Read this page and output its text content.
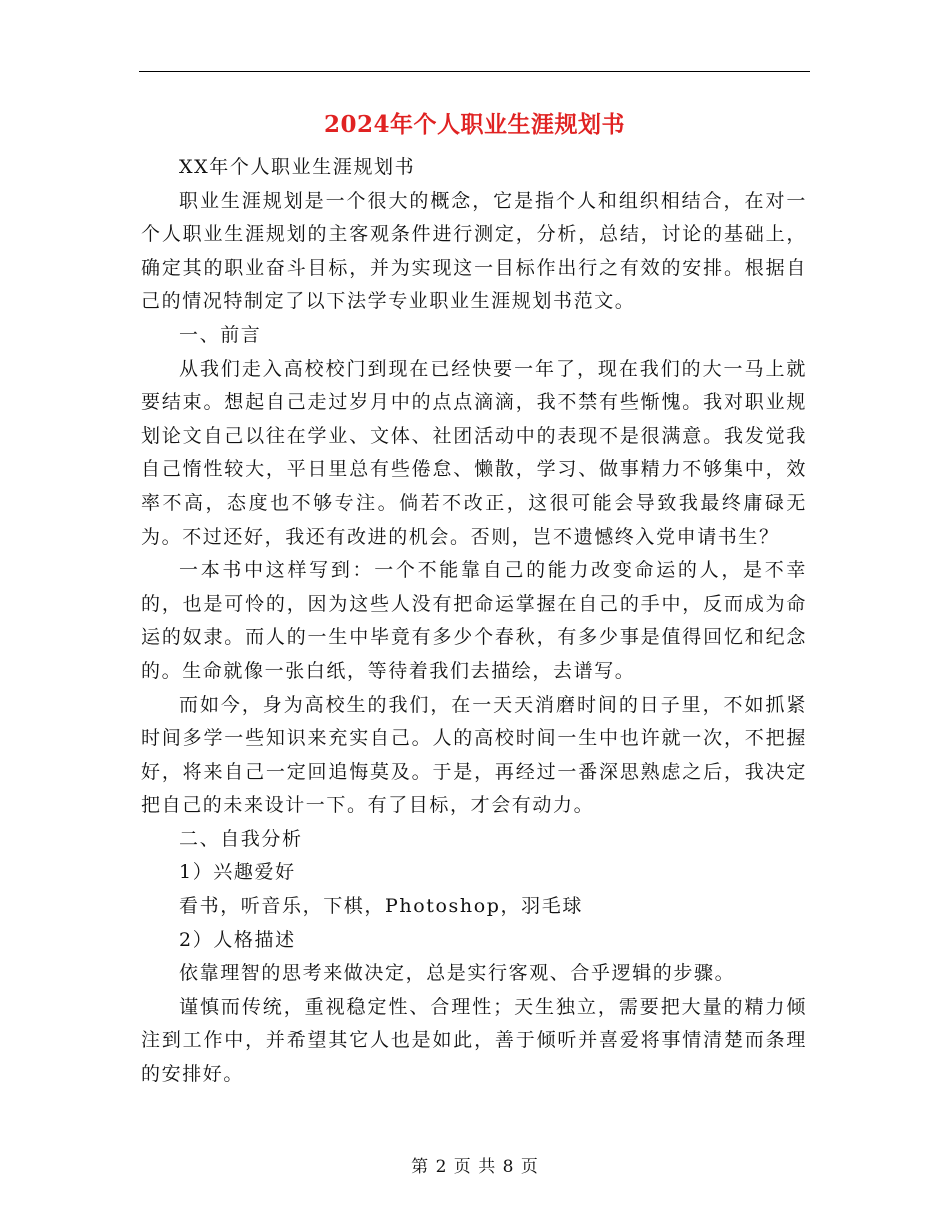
2024年个人职业生涯规划书

XX年个人职业生涯规划书

职业生涯规划是一个很大的概念，它是指个人和组织相结合，在对一个人职业生涯规划的主客观条件进行测定，分析，总结，讨论的基础上，确定其的职业奋斗目标，并为实现这一目标作出行之有效的安排。根据自己的情况特制定了以下法学专业职业生涯规划书范文。

一、前言

从我们走入高校校门到现在已经快要一年了，现在我们的大一马上就要结束。想起自己走过岁月中的点点滴滴，我不禁有些惭愧。我对职业规划论文自己以往在学业、文体、社团活动中的表现不是很满意。我发觉我自己惰性较大，平日里总有些倦怠、懒散，学习、做事精力不够集中，效率不高，态度也不够专注。倘若不改正，这很可能会导致我最终庸碌无为。不过还好，我还有改进的机会。否则，岂不遗憾终入党申请书生？

一本书中这样写到：一个不能靠自己的能力改变命运的人，是不幸的，也是可怜的，因为这些人没有把命运掌握在自己的手中，反而成为命运的奴隶。而人的一生中毕竟有多少个春秋，有多少事是值得回忆和纪念的。生命就像一张白纸，等待着我们去描绘，去谱写。

而如今，身为高校生的我们，在一天天消磨时间的日子里，不如抓紧时间多学一些知识来充实自己。人的高校时间一生中也许就一次，不把握好，将来自己一定回追悔莫及。于是，再经过一番深思熟虑之后，我决定把自己的未来设计一下。有了目标，才会有动力。

二、自我分析

1）兴趣爱好

看书，听音乐，下棋，Photoshop，羽毛球

2）人格描述

依靠理智的思考来做决定，总是实行客观、合乎逻辑的步骤。

谨慎而传统，重视稳定性、合理性；天生独立，需要把大量的精力倾注到工作中，并希望其它人也是如此，善于倾听并喜爱将事情清楚而条理的安排好。

第 2 页 共 8 页
